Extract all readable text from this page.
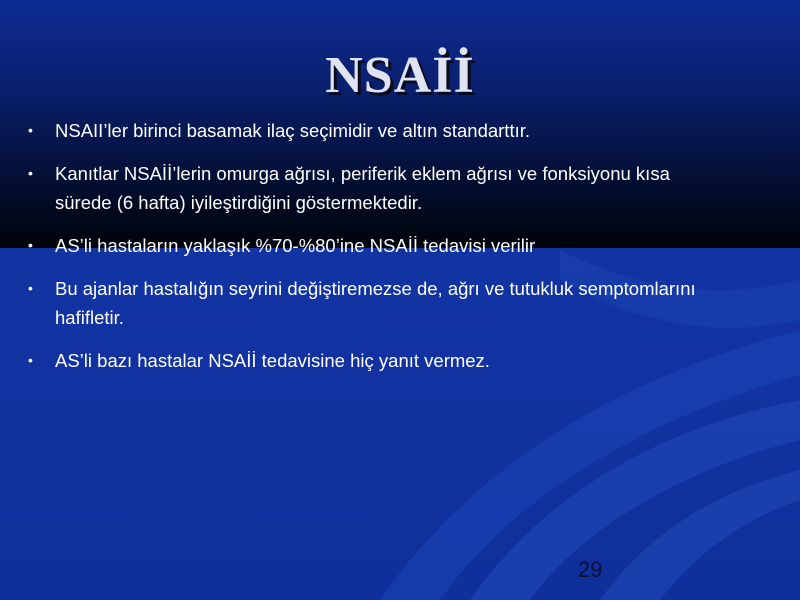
NSAİİ
•	NSAII’ler birinci basamak ilaç seçimidir ve altın standarttır.
•	Kanıtlar NSAİİ’lerin omurga ağrısı, periferik eklem ağrısı ve fonksiyonu kısa sürede (6 hafta) iyileştirdiğini göstermektedir.
•	AS’li hastaların yaklaşık %70-%80’ine NSAİİ tedavisi verilir
•	Bu ajanlar hastalığın seyrini değiştiremezse de, ağrı ve tutukluk semptomlarını hafifletir.
•	AS’li bazı hastalar NSAİİ tedavisine hiç yanıt vermez.
29
